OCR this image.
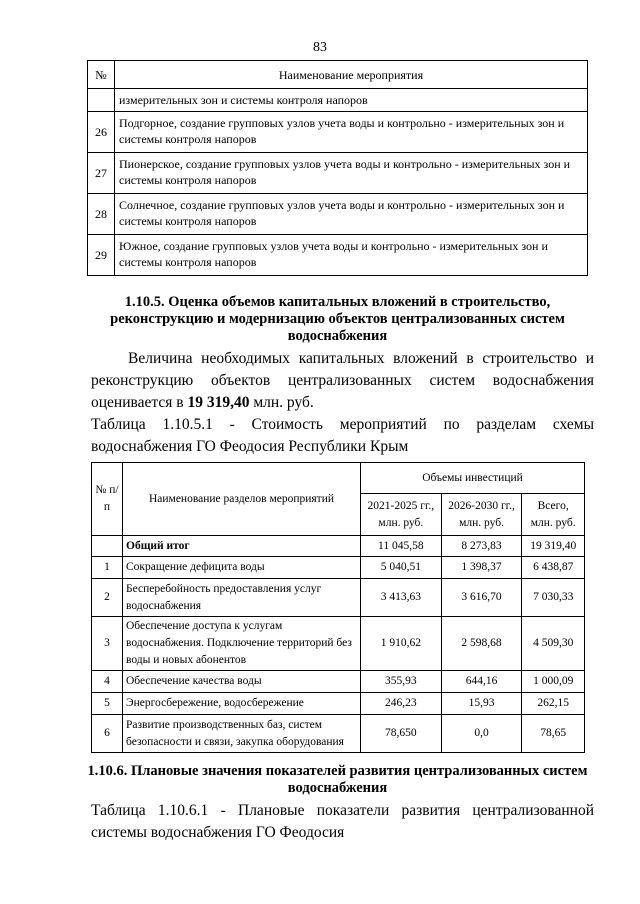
83
№	Наименование мероприятия
	измерительных зон и системы контроля напоров
26	Подгорное, создание групповых узлов учета воды и контрольно - измерительных зон и системы контроля напоров
27	Пионерское, создание групповых узлов учета воды и контрольно - измерительных зон и системы контроля напоров
28	Солнечное, создание групповых узлов учета воды и контрольно - измерительных зон и системы контроля напоров
29	Южное, создание групповых узлов учета воды и контрольно - измерительных зон и системы контроля напоров
1.10.5. Оценка объемов капитальных вложений в строительство, реконструкцию и модернизацию объектов централизованных систем водоснабжения
Величина необходимых капитальных вложений в строительство и реконструкцию объектов централизованных систем водоснабжения оценивается в 19 319,40 млн. руб.
Таблица 1.10.5.1 - Стоимость мероприятий по разделам схемы водоснабжения ГО Феодосия Республики Крым
№ п/п	Наименование разделов мероприятий	Объемы инвестиций		
		2021-2025 гг., млн. руб.	2026-2030 гг., млн. руб.	Всего, млн. руб.
	Общий итог	11 045,58	8 273,83	19 319,40
1	Сокращение дефицита воды	5 040,51	1 398,37	6 438,87
2	Бесперебойность предоставления услуг водоснабжения	3 413,63	3 616,70	7 030,33
3	Обеспечение доступа к услугам водоснабжения. Подключение территорий без воды и новых абонентов	1 910,62	2 598,68	4 509,30
4	Обеспечение качества воды	355,93	644,16	1 000,09
5	Энергосбережение, водосбережение	246,23	15,93	262,15
6	Развитие производственных баз, систем безопасности и связи, закупка оборудования	78,650	0,0	78,65
1.10.6. Плановые значения показателей развития централизованных систем водоснабжения
Таблица 1.10.6.1 - Плановые показатели развития централизованной системы водоснабжения ГО Феодосия
